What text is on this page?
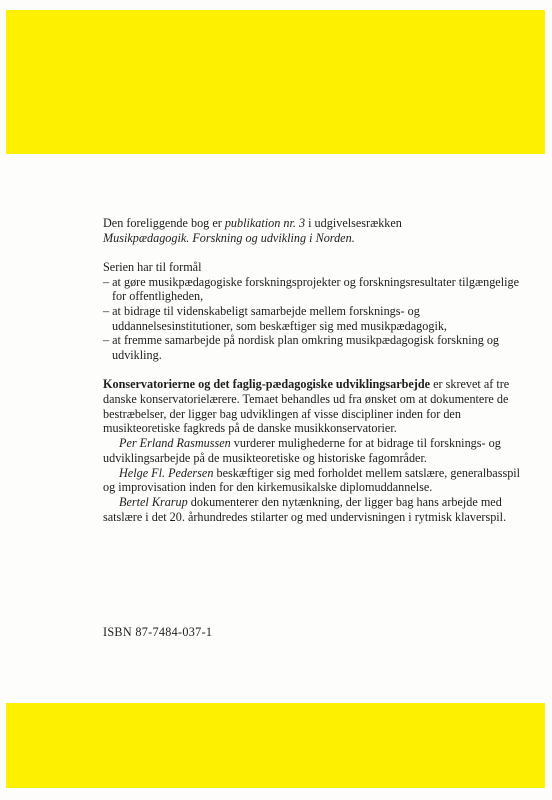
Den foreliggende bog er publikation nr. 3 i udgivelsesrækken
Musikpædagogik. Forskning og udvikling i Norden.

Serien har til formål

– at gøre musikpædagogiske forskningsprojekter og forskningsresultater tilgængelige for offentligheden,

– at bidrage til videnskabeligt samarbejde mellem forsknings- og uddannelsesinstitutioner, som beskæftiger sig med musikpædagogik,

– at fremme samarbejde på nordisk plan omkring musikpædagogisk forskning og udvikling.

Konservatorierne og det faglig-pædagogiske udviklingsarbejde er skrevet af tre danske konservatorielærere. Temaet behandles ud fra ønsket om at dokumentere de bestræbelser, der ligger bag udviklingen af visse discipliner inden for den musikteoretiske fagkreds på de danske musikkonservatorier.

Per Erland Rasmussen vurderer mulighederne for at bidrage til forsknings- og udviklingsarbejde på de musikteoretiske og historiske fagområder.

Helge Fl. Pedersen beskæftiger sig med forholdet mellem satslære, generalbasspil og improvisation inden for den kirkemusikalske diplomuddannelse.

Bertel Krarup dokumenterer den nytænkning, der ligger bag hans arbejde med satslære i det 20. århundredes stilarter og med undervisningen i rytmisk klaverspil.

ISBN 87-7484-037-1
